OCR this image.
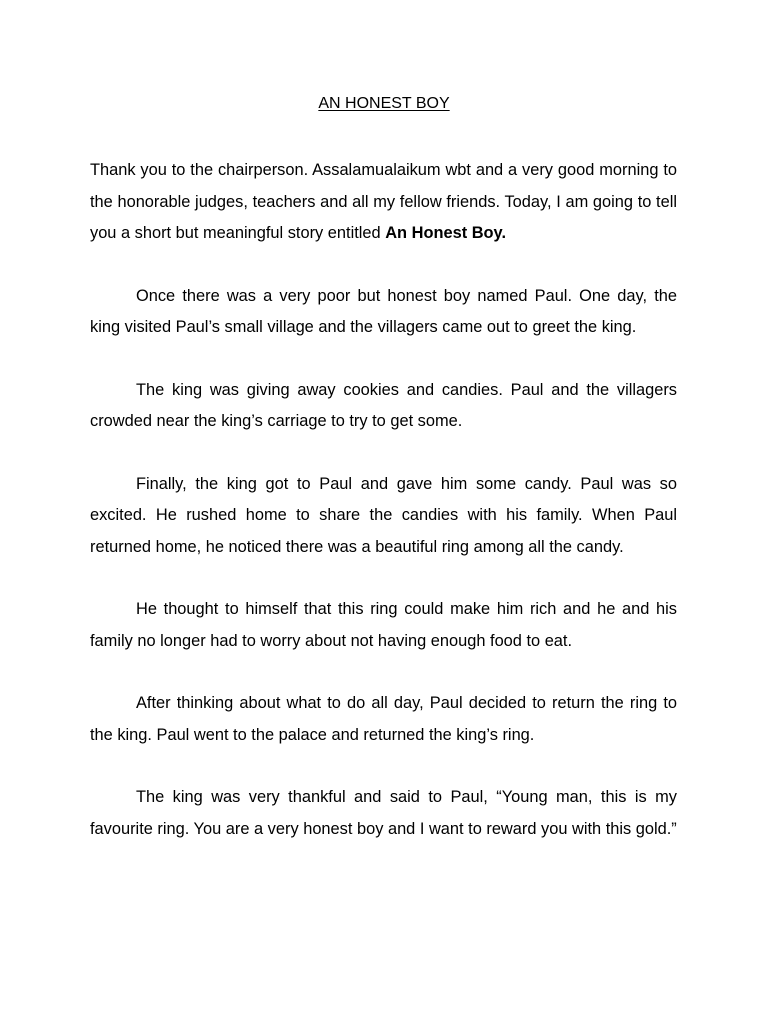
AN HONEST BOY

Thank you to the chairperson. Assalamualaikum wbt and a very good morning to the honorable judges, teachers and all my fellow friends. Today, I am going to tell you a short but meaningful story entitled An Honest Boy.

Once there was a very poor but honest boy named Paul. One day, the king visited Paul’s small village and the villagers came out to greet the king.

The king was giving away cookies and candies. Paul and the villagers crowded near the king’s carriage to try to get some.

Finally, the king got to Paul and gave him some candy. Paul was so excited. He rushed home to share the candies with his family. When Paul returned home, he noticed there was a beautiful ring among all the candy.

He thought to himself that this ring could make him rich and he and his family no longer had to worry about not having enough food to eat.

After thinking about what to do all day, Paul decided to return the ring to the king. Paul went to the palace and returned the king’s ring.

The king was very thankful and said to Paul, “Young man, this is my favourite ring. You are a very honest boy and I want to reward you with this gold.”
